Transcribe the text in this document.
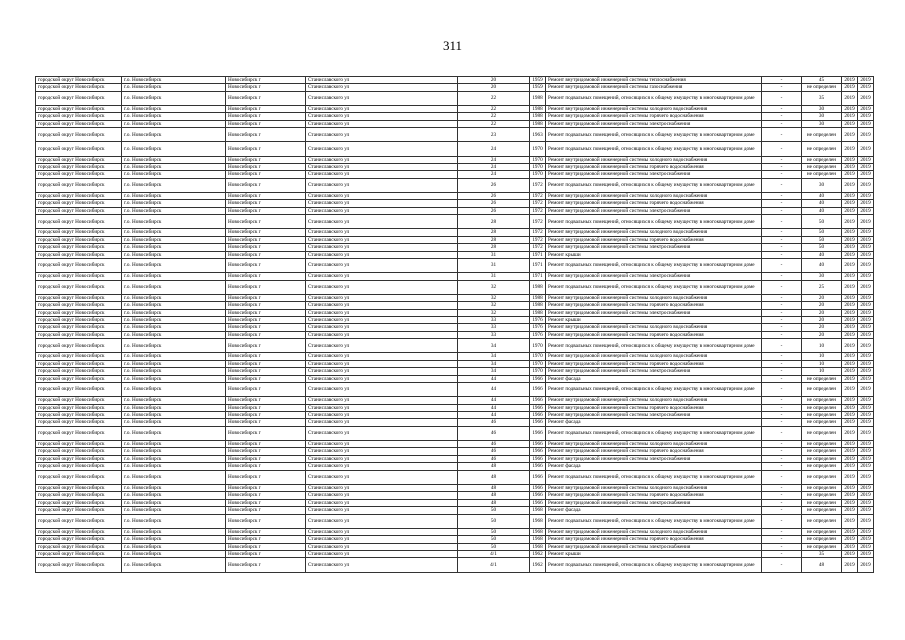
311
городской округ Новосибирск	г.о. Новосибирск	Новосибирск г	Станиславского ул	20	1959	Ремонт внутридомовой инженерной системы теплоснабжения	-	45	2019	2019
городской округ Новосибирск	г.о. Новосибирск	Новосибирск г	Станиславского ул	20	1959	Ремонт внутридомовой инженерной системы газоснабжения	-	не определен	2019	2019
городской округ Новосибирск	г.о. Новосибирск	Новосибирск г	Станиславского ул	22	1988	Ремонт подвальных помещений, относящихся к общему имуществу в многоквартирном доме	-	35	2019	2019
городской округ Новосибирск	г.о. Новосибирск	Новосибирск г	Станиславского ул	22	1988	Ремонт внутридомовой инженерной системы холодного водоснабжения	-	30	2019	2019
городской округ Новосибирск	г.о. Новосибирск	Новосибирск г	Станиславского ул	22	1988	Ремонт внутридомовой инженерной системы горячего водоснабжения	-	30	2019	2019
городской округ Новосибирск	г.о. Новосибирск	Новосибирск г	Станиславского ул	22	1988	Ремонт внутридомовой инженерной системы электроснабжения	-	30	2019	2019
городской округ Новосибирск	г.о. Новосибирск	Новосибирск г	Станиславского ул	23	1963	Ремонт подвальных помещений, относящихся к общему имуществу в многоквартирном доме	-	не определен	2019	2019
городской округ Новосибирск	г.о. Новосибирск	Новосибирск г	Станиславского ул	24	1970	Ремонт подвальных помещений, относящихся к общему имуществу в многоквартирном доме	-	не определен	2019	2019
городской округ Новосибирск	г.о. Новосибирск	Новосибирск г	Станиславского ул	24	1970	Ремонт внутридомовой инженерной системы холодного водоснабжения	-	не определен	2019	2019
городской округ Новосибирск	г.о. Новосибирск	Новосибирск г	Станиславского ул	24	1970	Ремонт внутридомовой инженерной системы горячего водоснабжения	-	не определен	2019	2019
городской округ Новосибирск	г.о. Новосибирск	Новосибирск г	Станиславского ул	24	1970	Ремонт внутридомовой инженерной системы электроснабжения	-	не определен	2019	2019
городской округ Новосибирск	г.о. Новосибирск	Новосибирск г	Станиславского ул	26	1972	Ремонт подвальных помещений, относящихся к общему имуществу в многоквартирном доме	-	30	2019	2019
городской округ Новосибирск	г.о. Новосибирск	Новосибирск г	Станиславского ул	26	1972	Ремонт внутридомовой инженерной системы холодного водоснабжения	-	40	2019	2019
городской округ Новосибирск	г.о. Новосибирск	Новосибирск г	Станиславского ул	26	1972	Ремонт внутридомовой инженерной системы горячего водоснабжения	-	40	2019	2019
городской округ Новосибирск	г.о. Новосибирск	Новосибирск г	Станиславского ул	26	1972	Ремонт внутридомовой инженерной системы электроснабжения	-	40	2019	2019
городской округ Новосибирск	г.о. Новосибирск	Новосибирск г	Станиславского ул	28	1972	Ремонт подвальных помещений, относящихся к общему имуществу в многоквартирном доме	-	50	2019	2019
городской округ Новосибирск	г.о. Новосибирск	Новосибирск г	Станиславского ул	28	1972	Ремонт внутридомовой инженерной системы холодного водоснабжения	-	50	2019	2019
городской округ Новосибирск	г.о. Новосибирск	Новосибирск г	Станиславского ул	28	1972	Ремонт внутридомовой инженерной системы горячего водоснабжения	-	50	2019	2019
городской округ Новосибирск	г.о. Новосибирск	Новосибирск г	Станиславского ул	28	1972	Ремонт внутридомовой инженерной системы электроснабжения	-	50	2019	2019
городской округ Новосибирск	г.о. Новосибирск	Новосибирск г	Станиславского ул	31	1971	Ремонт крыши	-	40	2019	2019
городской округ Новосибирск	г.о. Новосибирск	Новосибирск г	Станиславского ул	31	1971	Ремонт подвальных помещений, относящихся к общему имуществу в многоквартирном доме	-	40	2019	2019
городской округ Новосибирск	г.о. Новосибирск	Новосибирск г	Станиславского ул	31	1971	Ремонт внутридомовой инженерной системы электроснабжения	-	30	2019	2019
городской округ Новосибирск	г.о. Новосибирск	Новосибирск г	Станиславского ул	32	1988	Ремонт подвальных помещений, относящихся к общему имуществу в многоквартирном доме	-	25	2019	2019
городской округ Новосибирск	г.о. Новосибирск	Новосибирск г	Станиславского ул	32	1988	Ремонт внутридомовой инженерной системы холодного водоснабжения	-	20	2019	2019
городской округ Новосибирск	г.о. Новосибирск	Новосибирск г	Станиславского ул	32	1988	Ремонт внутридомовой инженерной системы горячего водоснабжения	-	20	2019	2019
городской округ Новосибирск	г.о. Новосибирск	Новосибирск г	Станиславского ул	32	1988	Ремонт внутридомовой инженерной системы электроснабжения	-	20	2019	2019
городской округ Новосибирск	г.о. Новосибирск	Новосибирск г	Станиславского ул	33	1976	Ремонт крыши	-	20	2019	2019
городской округ Новосибирск	г.о. Новосибирск	Новосибирск г	Станиславского ул	33	1976	Ремонт внутридомовой инженерной системы холодного водоснабжения	-	20	2019	2019
городской округ Новосибирск	г.о. Новосибирск	Новосибирск г	Станиславского ул	33	1976	Ремонт внутридомовой инженерной системы горячего водоснабжения	-	20	2019	2019
городской округ Новосибирск	г.о. Новосибирск	Новосибирск г	Станиславского ул	34	1970	Ремонт подвальных помещений, относящихся к общему имуществу в многоквартирном доме	-	10	2019	2019
городской округ Новосибирск	г.о. Новосибирск	Новосибирск г	Станиславского ул	34	1970	Ремонт внутридомовой инженерной системы холодного водоснабжения	-	10	2019	2019
городской округ Новосибирск	г.о. Новосибирск	Новосибирск г	Станиславского ул	34	1970	Ремонт внутридомовой инженерной системы горячего водоснабжения	-	10	2019	2019
городской округ Новосибирск	г.о. Новосибирск	Новосибирск г	Станиславского ул	34	1970	Ремонт внутридомовой инженерной системы электроснабжения	-	10	2019	2019
городской округ Новосибирск	г.о. Новосибирск	Новосибирск г	Станиславского ул	44	1966	Ремонт фасада	-	не определен	2019	2019
городской округ Новосибирск	г.о. Новосибирск	Новосибирск г	Станиславского ул	44	1966	Ремонт подвальных помещений, относящихся к общему имуществу в многоквартирном доме	-	не определен	2019	2019
городской округ Новосибирск	г.о. Новосибирск	Новосибирск г	Станиславского ул	44	1966	Ремонт внутридомовой инженерной системы холодного водоснабжения	-	не определен	2019	2019
городской округ Новосибирск	г.о. Новосибирск	Новосибирск г	Станиславского ул	44	1966	Ремонт внутридомовой инженерной системы горячего водоснабжения	-	не определен	2019	2019
городской округ Новосибирск	г.о. Новосибирск	Новосибирск г	Станиславского ул	44	1966	Ремонт внутридомовой инженерной системы электроснабжения	-	не определен	2019	2019
городской округ Новосибирск	г.о. Новосибирск	Новосибирск г	Станиславского ул	46	1966	Ремонт фасада	-	не определен	2019	2019
городской округ Новосибирск	г.о. Новосибирск	Новосибирск г	Станиславского ул	46	1966	Ремонт подвальных помещений, относящихся к общему имуществу в многоквартирном доме	-	не определен	2019	2019
городской округ Новосибирск	г.о. Новосибирск	Новосибирск г	Станиславского ул	46	1966	Ремонт внутридомовой инженерной системы холодного водоснабжения	-	не определен	2019	2019
городской округ Новосибирск	г.о. Новосибирск	Новосибирск г	Станиславского ул	46	1966	Ремонт внутридомовой инженерной системы горячего водоснабжения	-	не определен	2019	2019
городской округ Новосибирск	г.о. Новосибирск	Новосибирск г	Станиславского ул	46	1966	Ремонт внутридомовой инженерной системы электроснабжения	-	не определен	2019	2019
городской округ Новосибирск	г.о. Новосибирск	Новосибирск г	Станиславского ул	48	1966	Ремонт фасада	-	не определен	2019	2019
городской округ Новосибирск	г.о. Новосибирск	Новосибирск г	Станиславского ул	48	1966	Ремонт подвальных помещений, относящихся к общему имуществу в многоквартирном доме	-	не определен	2019	2019
городской округ Новосибирск	г.о. Новосибирск	Новосибирск г	Станиславского ул	48	1966	Ремонт внутридомовой инженерной системы холодного водоснабжения	-	не определен	2019	2019
городской округ Новосибирск	г.о. Новосибирск	Новосибирск г	Станиславского ул	48	1966	Ремонт внутридомовой инженерной системы горячего водоснабжения	-	не определен	2019	2019
городской округ Новосибирск	г.о. Новосибирск	Новосибирск г	Станиславского ул	48	1966	Ремонт внутридомовой инженерной системы электроснабжения	-	не определен	2019	2019
городской округ Новосибирск	г.о. Новосибирск	Новосибирск г	Станиславского ул	50	1968	Ремонт фасада	-	не определен	2019	2019
городской округ Новосибирск	г.о. Новосибирск	Новосибирск г	Станиславского ул	50	1968	Ремонт подвальных помещений, относящихся к общему имуществу в многоквартирном доме	-	не определен	2019	2019
городской округ Новосибирск	г.о. Новосибирск	Новосибирск г	Станиславского ул	50	1968	Ремонт внутридомовой инженерной системы холодного водоснабжения	-	не определен	2019	2019
городской округ Новосибирск	г.о. Новосибирск	Новосибирск г	Станиславского ул	50	1968	Ремонт внутридомовой инженерной системы горячего водоснабжения	-	не определен	2019	2019
городской округ Новосибирск	г.о. Новосибирск	Новосибирск г	Станиславского ул	50	1968	Ремонт внутридомовой инженерной системы электроснабжения	-	не определен	2019	2019
городской округ Новосибирск	г.о. Новосибирск	Новосибирск г	Станиславского ул	4/1	1962	Ремонт крыши	-	35	2019	2019
городской округ Новосибирск	г.о. Новосибирск	Новосибирск г	Станиславского ул	4/1	1962	Ремонт подвальных помещений, относящихся к общему имуществу в многоквартирном доме	-	48	2019	2019
